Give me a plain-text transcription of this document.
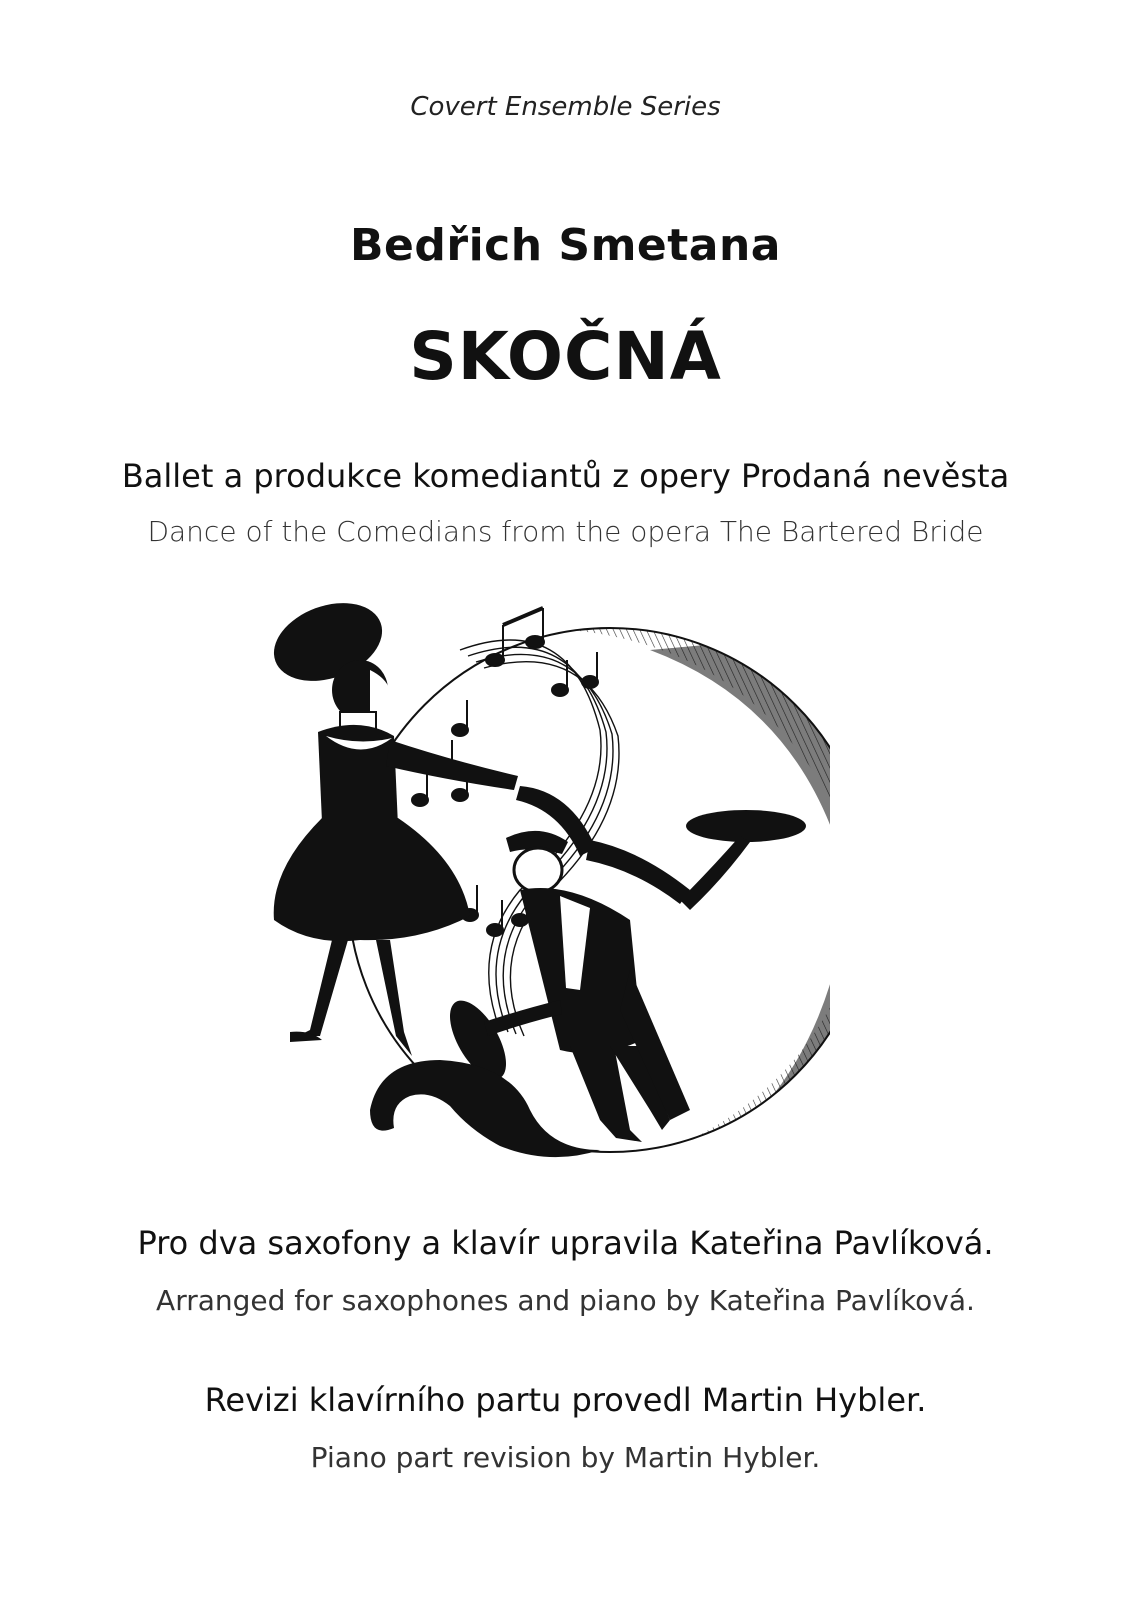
Covert Ensemble Series
Bedřich Smetana
SKOČNÁ
Ballet a produkce komediantů z opery Prodaná nevěsta
Dance of the Comedians from the opera The Bartered Bride
Pro dva saxofony a klavír upravila Kateřina Pavlíková.
Arranged for saxophones and piano by Kateřina Pavlíková.
Revizi klavírního partu provedl Martin Hybler.
Piano part revision by Martin Hybler.
